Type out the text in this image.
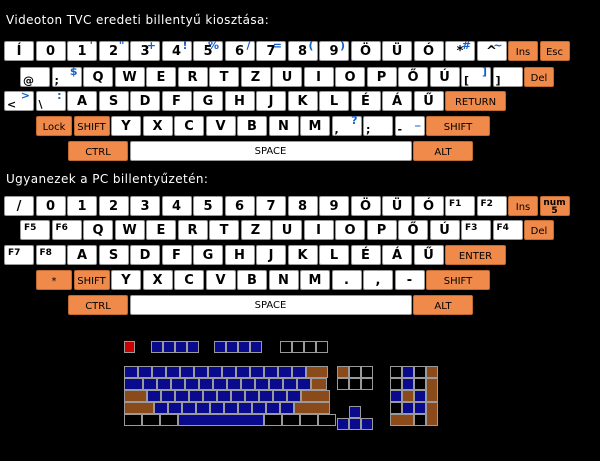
Videoton TVC eredeti billentyű kiosztása:
Ugyanezek a PC billentyűzetén:
Í	0	1 '	2 "	3
+	4 !	5
%	6 /	7
=	8 (	9 )	Ö	Ü	Ó	*
#	^
~
Ins	Esc
@
$
;	Q	W	E	R	T	Z	U	I	O	P	Ő	Ú	]
[ ]	Del
>
<
:
\	A	S	D	F	G	H	J	K	L	É	Á	Ű	RETURN
Lock	SHIFT	Y	X	C	V	B	N	M	?
, ;
_
-	SHIFT
CTRL	SPACE	ALT
/	0	1	2	3	4	5	6	7	8	9	Ö	Ü	Ó	F1	F2	Ins	num 5
F5	F6	Q	W	E	R	T	Z	U	I	O	P	Ő	Ú	F3	F4	Del
F7	F8	A	S	D	F	G	H	J	K	L	É	Á	Ű	ENTER
*	SHIFT	Y	X	C	V	B	N	M	.	,	-	SHIFT
CTRL	SPACE	ALT
